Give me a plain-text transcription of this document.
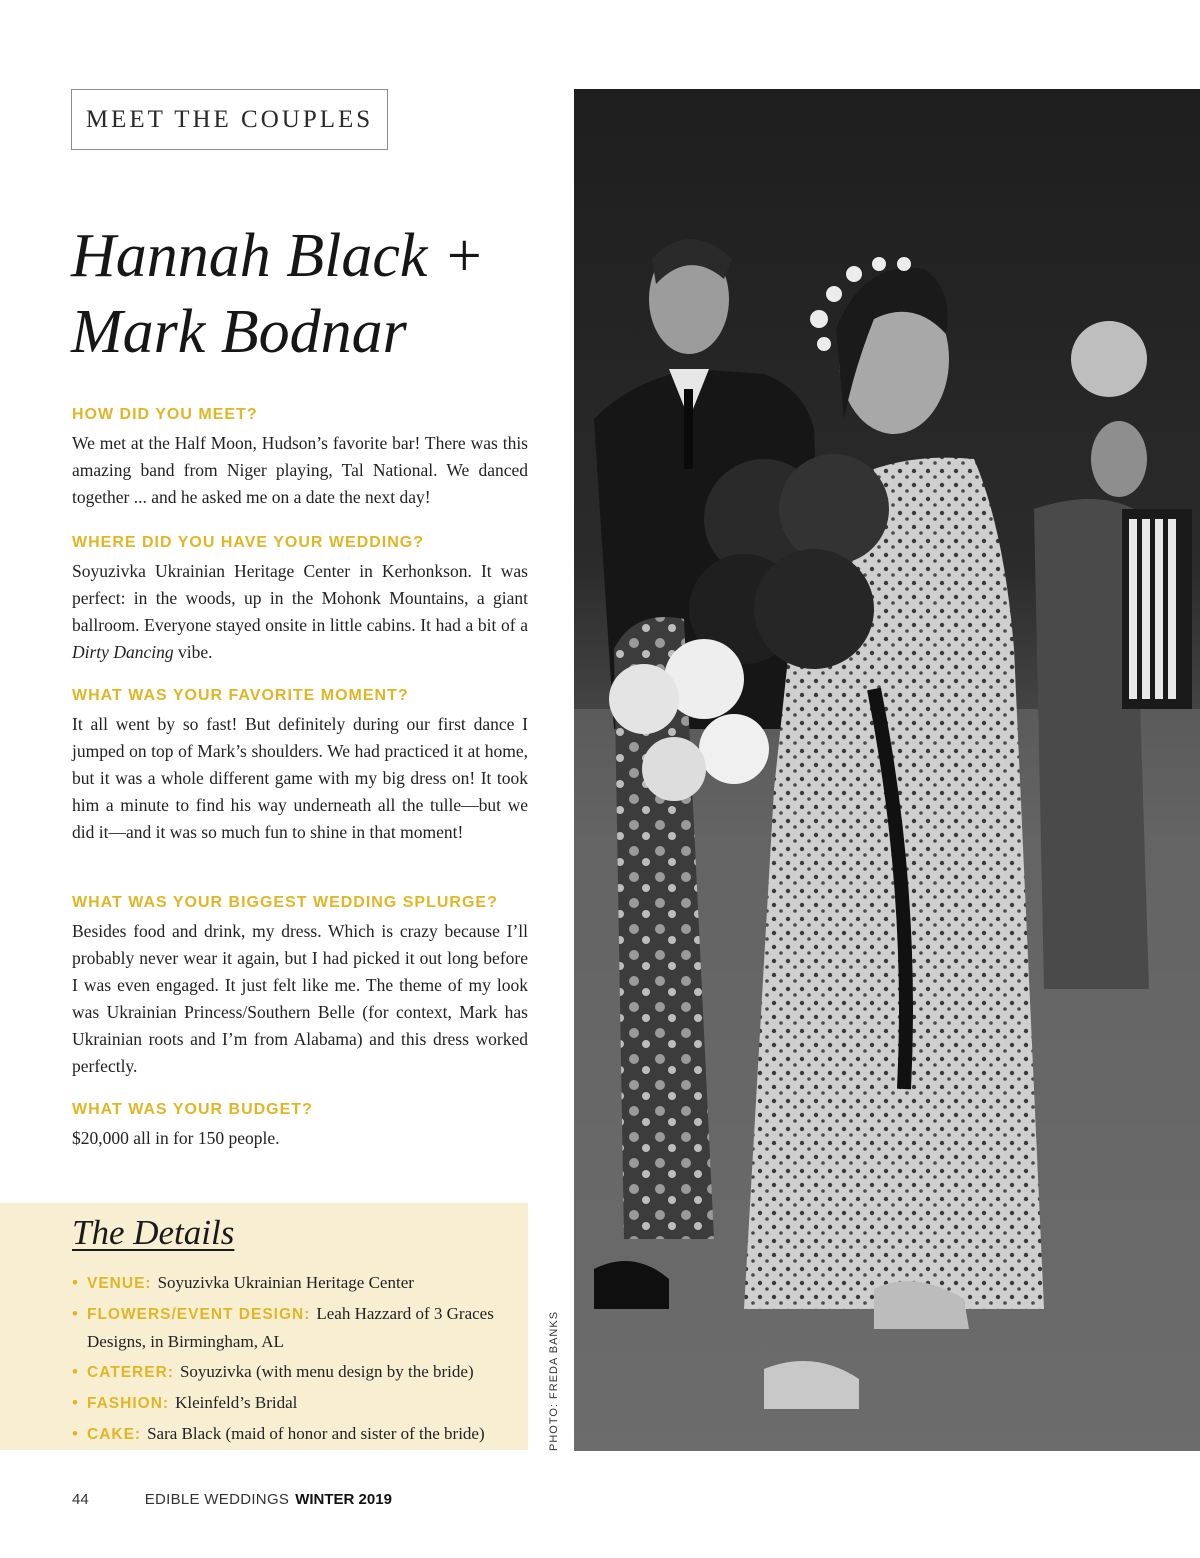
MEET THE COUPLES
Hannah Black +
Mark Bodnar
HOW DID YOU MEET?

We met at the Half Moon, Hudson’s favorite bar! There was this amazing band from Niger playing, Tal National. We danced together ... and he asked me on a date the next day!

WHERE DID YOU HAVE YOUR WEDDING?

Soyuzivka Ukrainian Heritage Center in Kerhonkson. It was perfect: in the woods, up in the Mohonk Mountains, a giant ballroom. Everyone stayed onsite in little cabins. It had a bit of a Dirty Dancing vibe.

WHAT WAS YOUR FAVORITE MOMENT?

It all went by so fast! But definitely during our first dance I jumped on top of Mark’s shoulders. We had practiced it at home, but it was a whole different game with my big dress on! It took him a minute to find his way underneath all the tulle—but we did it—and it was so much fun to shine in that moment!

WHAT WAS YOUR BIGGEST WEDDING SPLURGE?

Besides food and drink, my dress. Which is crazy because I’ll probably never wear it again, but I had picked it out long before I was even engaged. It just felt like me. The theme of my look was Ukrainian Princess/Southern Belle (for context, Mark has Ukrainian roots and I’m from Alabama) and this dress worked perfectly.

WHAT WAS YOUR BUDGET?

$20,000 all in for 150 people.

The Details
• VENUE: Soyuzivka Ukrainian Heritage Center
• FLOWERS/EVENT DESIGN: Leah Hazzard of 3 Graces Designs, in Birmingham, AL
• CATERER: Soyuzivka (with menu design by the bride)
• FASHION: Kleinfeld’s Bridal
• CAKE: Sara Black (maid of honor and sister of the bride)	PHOTO: FREDA BANKS
44	EDIBLE WEDDINGS WINTER 2019
